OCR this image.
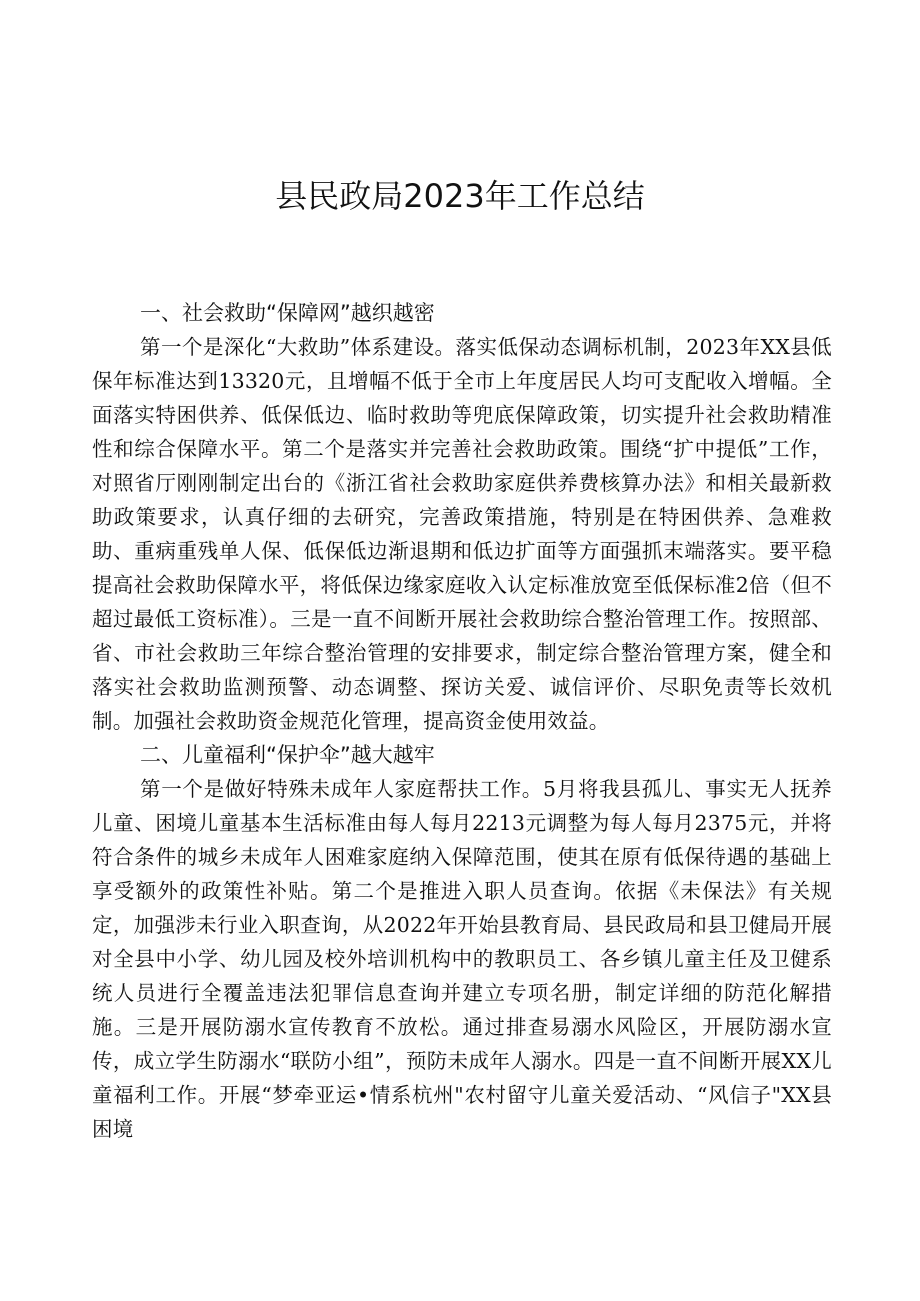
县民政局2023年工作总结

一、社会救助“保障网”越织越密

第一个是深化“大救助”体系建设。落实低保动态调标机制，2023年XX县低保年标准达到13320元，且增幅不低于全市上年度居民人均可支配收入增幅。全面落实特困供养、低保低边、临时救助等兜底保障政策，切实提升社会救助精准性和综合保障水平。第二个是落实并完善社会救助政策。围绕“扩中提低”工作，对照省厅刚刚制定出台的《浙江省社会救助家庭供养费核算办法》和相关最新救助政策要求，认真仔细的去研究，完善政策措施，特别是在特困供养、急难救助、重病重残单人保、低保低边渐退期和低边扩面等方面强抓末端落实。要平稳提高社会救助保障水平，将低保边缘家庭收入认定标准放宽至低保标准2倍（但不超过最低工资标准）。三是一直不间断开展社会救助综合整治管理工作。按照部、省、市社会救助三年综合整治管理的安排要求，制定综合整治管理方案，健全和落实社会救助监测预警、动态调整、探访关爱、诚信评价、尽职免责等长效机制。加强社会救助资金规范化管理，提高资金使用效益。

二、儿童福利“保护伞”越大越牢

第一个是做好特殊未成年人家庭帮扶工作。5月将我县孤儿、事实无人抚养儿童、困境儿童基本生活标准由每人每月2213元调整为每人每月2375元，并将符合条件的城乡未成年人困难家庭纳入保障范围，使其在原有低保待遇的基础上享受额外的政策性补贴。第二个是推进入职人员查询。依据《未保法》有关规定，加强涉未行业入职查询，从2022年开始县教育局、县民政局和县卫健局开展对全县中小学、幼儿园及校外培训机构中的教职员工、各乡镇儿童主任及卫健系统人员进行全覆盖违法犯罪信息查询并建立专项名册，制定详细的防范化解措施。三是开展防溺水宣传教育不放松。通过排查易溺水风险区，开展防溺水宣传，成立学生防溺水“联防小组”，预防未成年人溺水。四是一直不间断开展XX儿童福利工作。开展“梦牵亚运•情系杭州"农村留守儿童关爱活动、“风信子"XX县困境
